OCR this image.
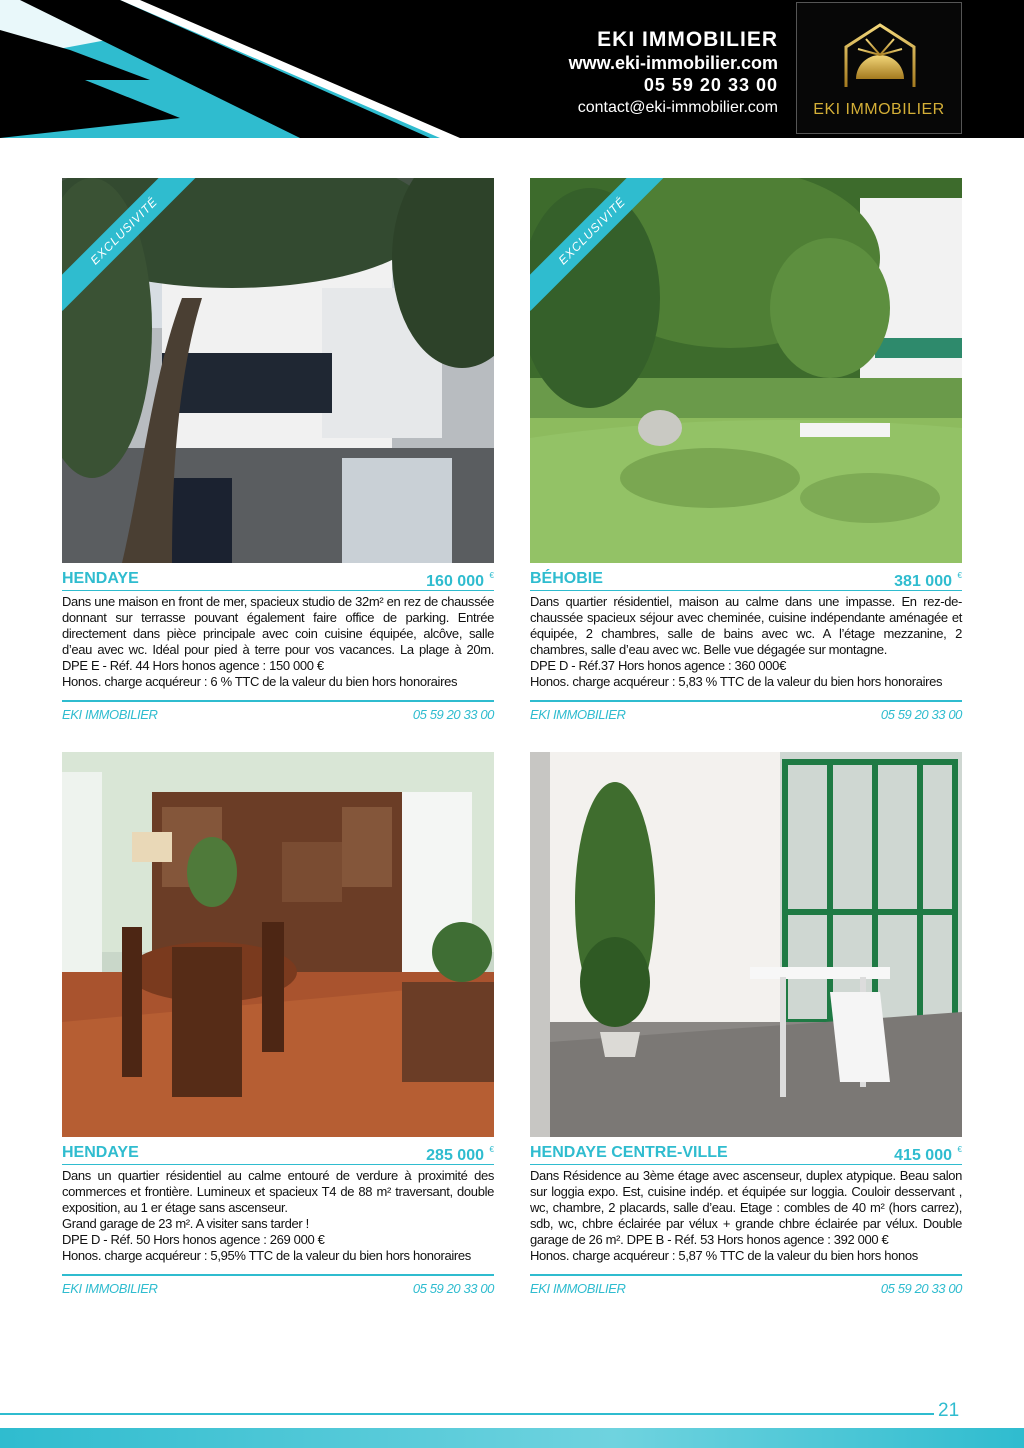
EKI IMMOBILIER
www.eki-immobilier.com
05 59 20 33 00
contact@eki-immobilier.com	EKI IMMOBILIER
EXCLUSIVITÉ
HENDAYE	160 000 €

Dans une maison en front de mer, spacieux studio de 32m² en rez de chaussée donnant sur terrasse pouvant également faire office de parking. Entrée directement dans pièce principale avec coin cuisine équipée, alcôve, salle d’eau avec wc. Idéal pour pied à terre pour vos vacances. La plage à 20m. DPE E - Réf. 44 Hors honos agence : 150 000 €

Honos. charge acquéreur : 6 % TTC de la valeur du bien hors honoraires

EKI IMMOBILIER	05 59 20 33 00
EXCLUSIVITÉ
BÉHOBIE	381 000 €

Dans quartier résidentiel, maison au calme dans une impasse. En rez-de-chaussée spacieux séjour avec cheminée, cuisine indépendante aménagée et équipée, 2 chambres, salle de bains avec wc. A l’étage mezzanine, 2 chambres, salle d’eau avec wc. Belle vue dégagée sur montagne.

DPE D - Réf.37 Hors honos agence : 360 000€

Honos. charge acquéreur : 5,83 % TTC de la valeur du bien hors honoraires

EKI IMMOBILIER	05 59 20 33 00
HENDAYE	285 000 €

Dans un quartier résidentiel au calme entouré de verdure à proximité des commerces et frontière. Lumineux et spacieux T4 de 88 m² traversant, double exposition, au 1 er étage sans ascenseur.

Grand garage de 23 m². A visiter sans tarder !

DPE D - Réf. 50 Hors honos agence : 269 000 €

Honos. charge acquéreur : 5,95% TTC de la valeur du bien hors honoraires

EKI IMMOBILIER	05 59 20 33 00
HENDAYE CENTRE-VILLE	415 000 €

Dans Résidence au 3ème étage avec ascenseur, duplex atypique. Beau salon sur loggia expo. Est, cuisine indép. et équipée sur loggia. Couloir desservant , wc, chambre, 2 placards, salle d’eau. Etage : combles de 40 m² (hors carrez), sdb, wc, chbre éclairée par vélux + grande chbre éclairée par vélux. Double garage de 26 m². DPE B - Réf. 53 Hors honos agence : 392 000 €

Honos. charge acquéreur : 5,87 % TTC de la valeur du bien hors honos

EKI IMMOBILIER	05 59 20 33 00
21
